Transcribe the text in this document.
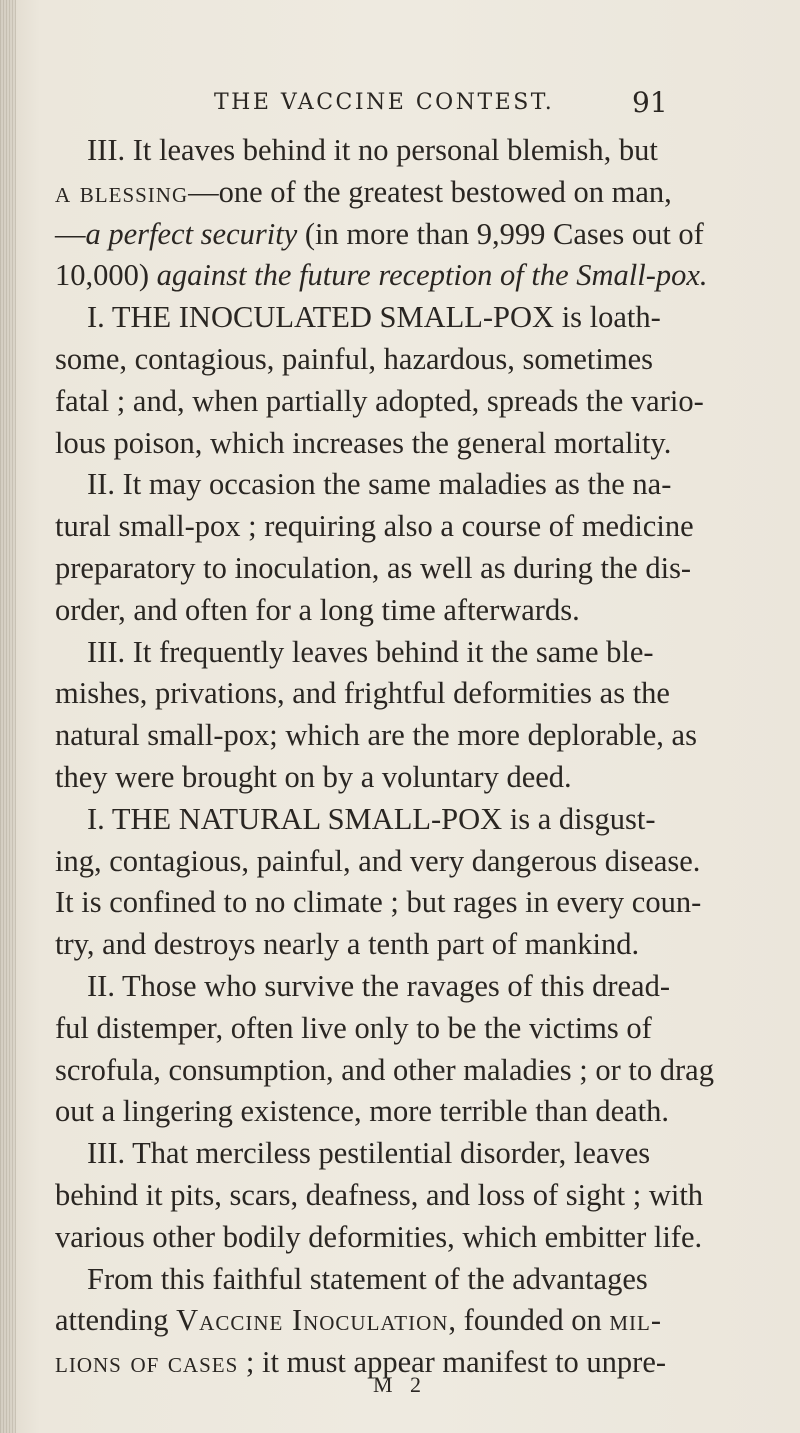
THE VACCINE CONTEST.	91
III. It leaves behind it no personal blemish, but
a blessing—one of the greatest bestowed on man,
—a perfect security (in more than 9,999 Cases out of
10,000) against the future reception of the Small-pox.
I. THE INOCULATED SMALL-POX is loath-
some, contagious, painful, hazardous, sometimes
fatal ; and, when partially adopted, spreads the vario-
lous poison, which increases the general mortality.
II. It may occasion the same maladies as the na-
tural small-pox ; requiring also a course of medicine
preparatory to inoculation, as well as during the dis-
order, and often for a long time afterwards.
III. It frequently leaves behind it the same ble-
mishes, privations, and frightful deformities as the
natural small-pox; which are the more deplorable, as
they were brought on by a voluntary deed.
I. THE NATURAL SMALL-POX is a disgust-
ing, contagious, painful, and very dangerous disease.
It is confined to no climate ; but rages in every coun-
try, and destroys nearly a tenth part of mankind.
II. Those who survive the ravages of this dread-
ful distemper, often live only to be the victims of
scrofula, consumption, and other maladies ; or to drag
out a lingering existence, more terrible than death.
III. That merciless pestilential disorder, leaves
behind it pits, scars, deafness, and loss of sight ; with
various other bodily deformities, which embitter life.
From this faithful statement of the advantages
attending Vaccine Inoculation, founded on mil-
lions of cases ; it must appear manifest to unpre-
M 2
